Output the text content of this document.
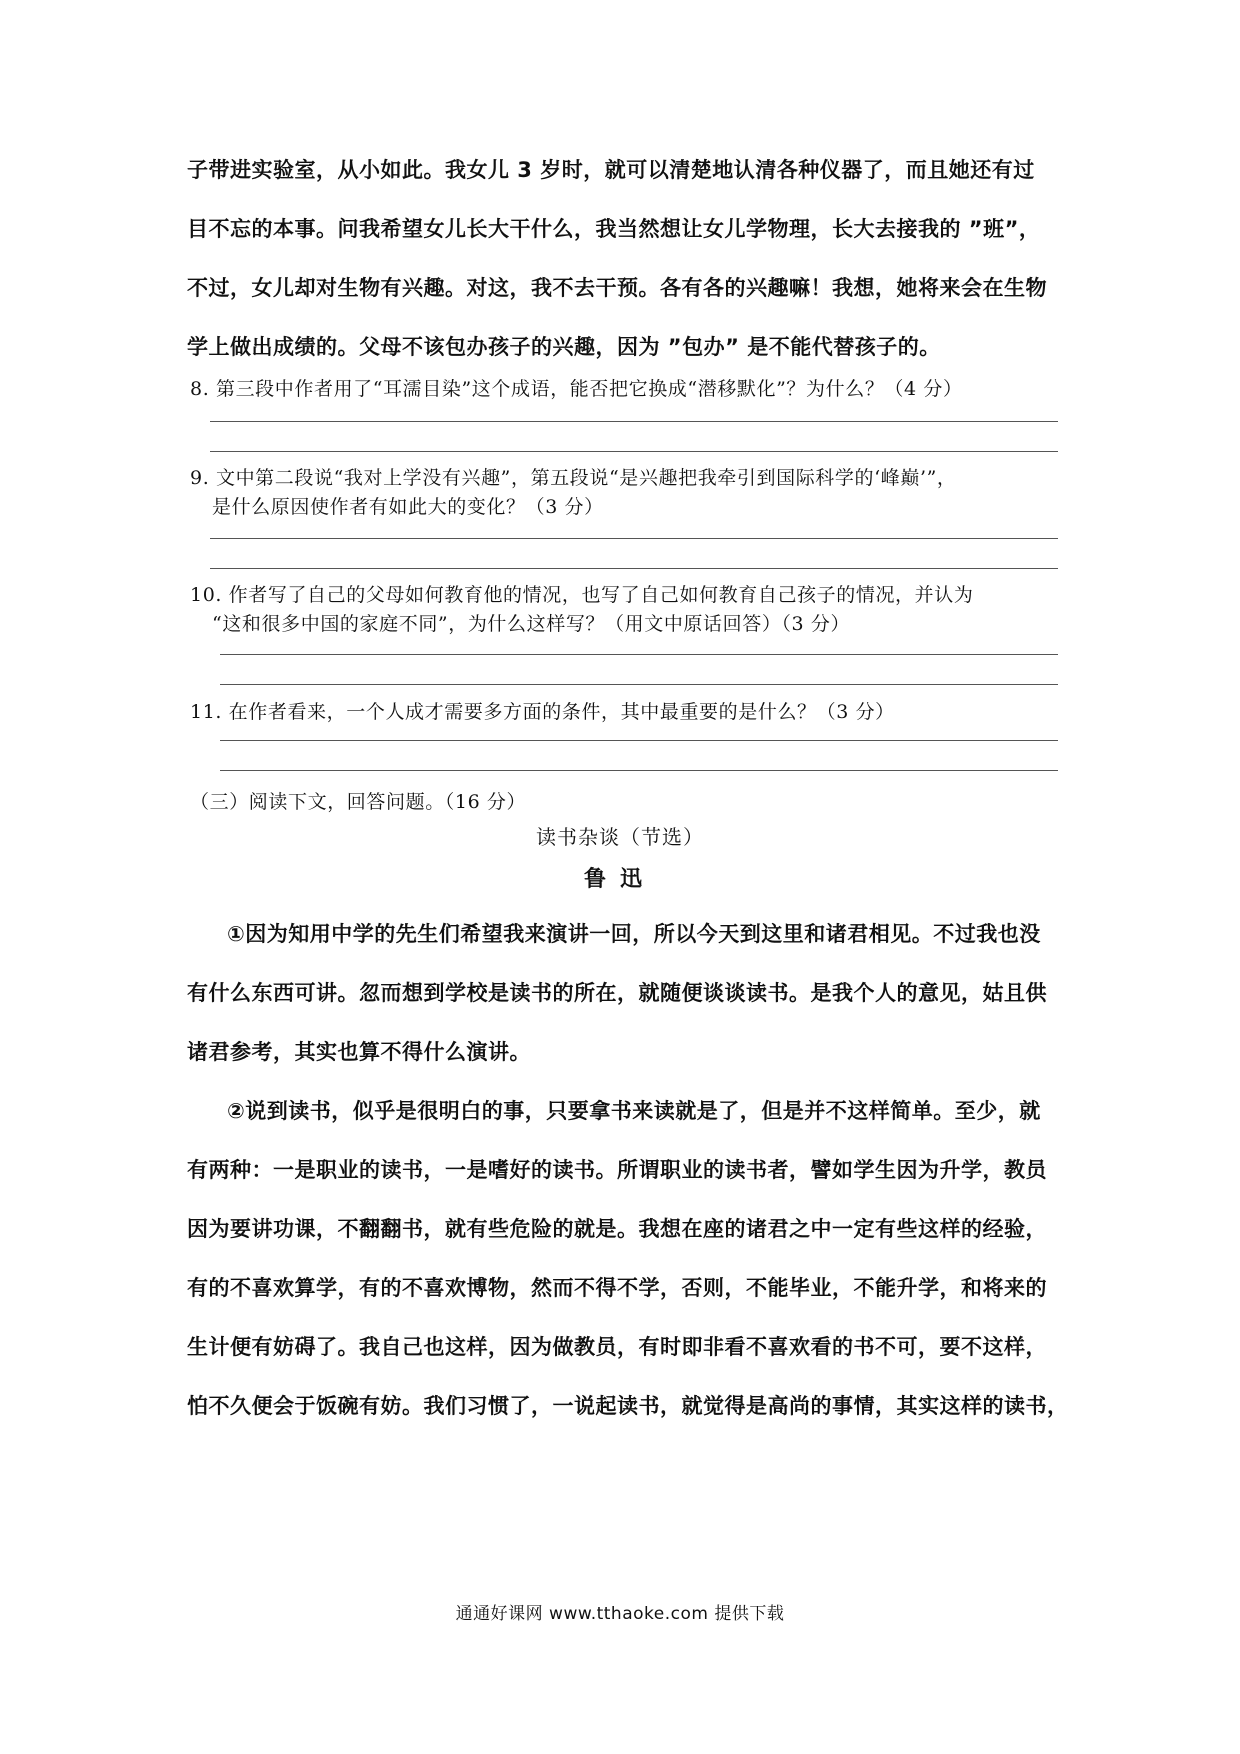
子带进实验室，从小如此。我女儿 3 岁时，就可以清楚地认清各种仪器了，而且她还有过
目不忘的本事。问我希望女儿长大干什么，我当然想让女儿学物理，长大去接我的 ”班”，
不过，女儿却对生物有兴趣。对这，我不去干预。各有各的兴趣嘛！我想，她将来会在生物
学上做出成绩的。父母不该包办孩子的兴趣，因为 ”包办” 是不能代替孩子的。
8. 第三段中作者用了“耳濡目染”这个成语，能否把它换成“潜移默化”？为什么？（4 分）
9. 文中第二段说“我对上学没有兴趣”，第五段说“是兴趣把我牵引到国际科学的‘峰巅’”，
是什么原因使作者有如此大的变化？（3 分）
10. 作者写了自己的父母如何教育他的情况，也写了自己如何教育自己孩子的情况，并认为
“这和很多中国的家庭不同”，为什么这样写？（用文中原话回答）（3 分）
11. 在作者看来，一个人成才需要多方面的条件，其中最重要的是什么？（3 分）
（三）阅读下文，回答问题。（16 分）
读书杂谈（节选）
鲁迅
①因为知用中学的先生们希望我来演讲一回，所以今天到这里和诸君相见。不过我也没
有什么东西可讲。忽而想到学校是读书的所在，就随便谈谈读书。是我个人的意见，姑且供
诸君参考，其实也算不得什么演讲。
②说到读书，似乎是很明白的事，只要拿书来读就是了，但是并不这样简单。至少，就
有两种：一是职业的读书，一是嗜好的读书。所谓职业的读书者，譬如学生因为升学，教员
因为要讲功课，不翻翻书，就有些危险的就是。我想在座的诸君之中一定有些这样的经验，
有的不喜欢算学，有的不喜欢博物，然而不得不学，否则，不能毕业，不能升学，和将来的
生计便有妨碍了。我自己也这样，因为做教员，有时即非看不喜欢看的书不可，要不这样，
怕不久便会于饭碗有妨。我们习惯了，一说起读书，就觉得是高尚的事情，其实这样的读书，
通通好课网 www.tthaoke.com 提供下载
